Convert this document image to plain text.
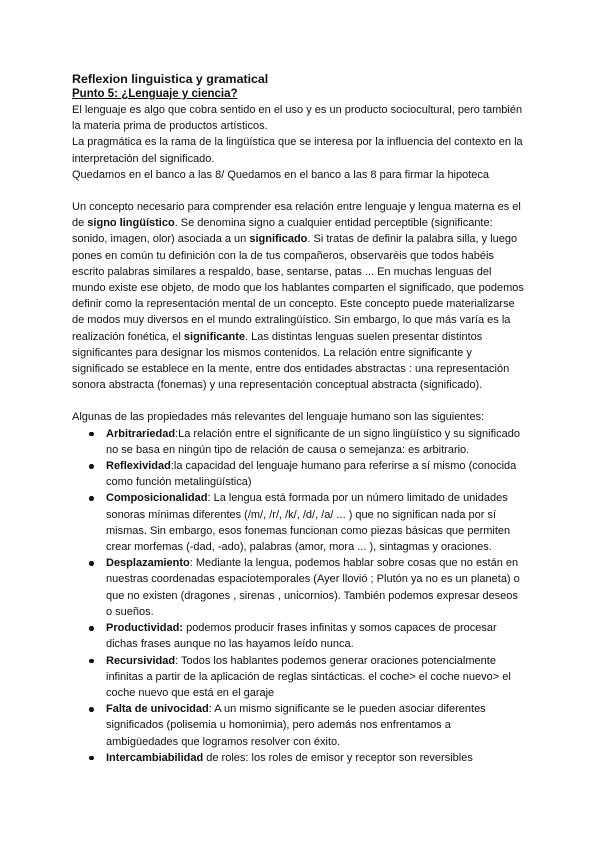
Reflexion linguistica y gramatical
Punto 5: ¿Lenguaje y ciencia?

El lenguaje es algo que cobra sentido en el uso y es un producto sociocultural, pero también la materia prima de productos artísticos.

La pragmática es la rama de la lingüística que se interesa por la influencia del contexto en la interpretación del significado.

Quedamos en el banco a las 8/ Quedamos en el banco a las 8 para firmar la hipoteca

Un concepto necesario para comprender esa relación entre lenguaje y lengua materna es el de signo lingüístico. Se denomina signo a cualquier entidad perceptible (significante: sonido, imagen, olor) asociada a un significado. Si tratas de definir la palabra silla, y luego pones en común tu definición con la de tus compañeros, observaréis que todos habéis escrito palabras similares a respaldo, base, sentarse, patas ... En muchas lenguas del mundo existe ese objeto, de modo que los hablantes comparten el significado, que podemos definir como la representación mental de un concepto. Este concepto puede materializarse de modos muy diversos en el mundo extralingüístico. Sin embargo, lo que más varía es la realización fonética, el significante. Las distintas lenguas suelen presentar distintos significantes para designar los mismos contenidos. La relación entre significante y significado se establece en la mente, entre dos entidades abstractas : una representación sonora abstracta (fonemas) y una representación conceptual abstracta (significado).

Algunas de las propiedades más relevantes del lenguaje humano son las siguientes:

Arbitrariedad:La relación entre el significante de un signo lingüístico y su significado no se basa en ningún tipo de relación de causa o semejanza: es arbitrario.
Reflexividad:la capacidad del lenguaje humano para referirse a sí mismo (conocida como función metalingüística)
Composicionalidad: La lengua está formada por un número limitado de unidades sonoras mínimas diferentes (/m/, /r/, /k/, /d/, /a/ ... ) que no significan nada por sí mismas. Sin embargo, esos fonemas funcionan como piezas básicas que permiten crear morfemas (-dad, -ado), palabras (amor, mora ... ), sintagmas y oraciones.
Desplazamiento: Mediante la lengua, podemos hablar sobre cosas que no están en nuestras coordenadas espaciotemporales (Ayer llovió ; Plutón ya no es un planeta) o que no existen (dragones , sirenas , unicornios). También podemos expresar deseos o sueños.
Productividad: podemos producir frases infinitas y somos capaces de procesar dichas frases aunque no las hayamos leído nunca.
Recursividad: Todos los hablantes podemos generar oraciones potencialmente infinitas a partir de la aplicación de reglas sintácticas. el coche> el coche nuevo> el coche nuevo que está en el garaje
Falta de univocidad: A un mismo significante se le pueden asociar diferentes significados (polisemia u homonimia), pero además nos enfrentamos a ambigüedades que logramos resolver con éxito.
Intercambiabilidad de roles: los roles de emisor y receptor son reversibles
